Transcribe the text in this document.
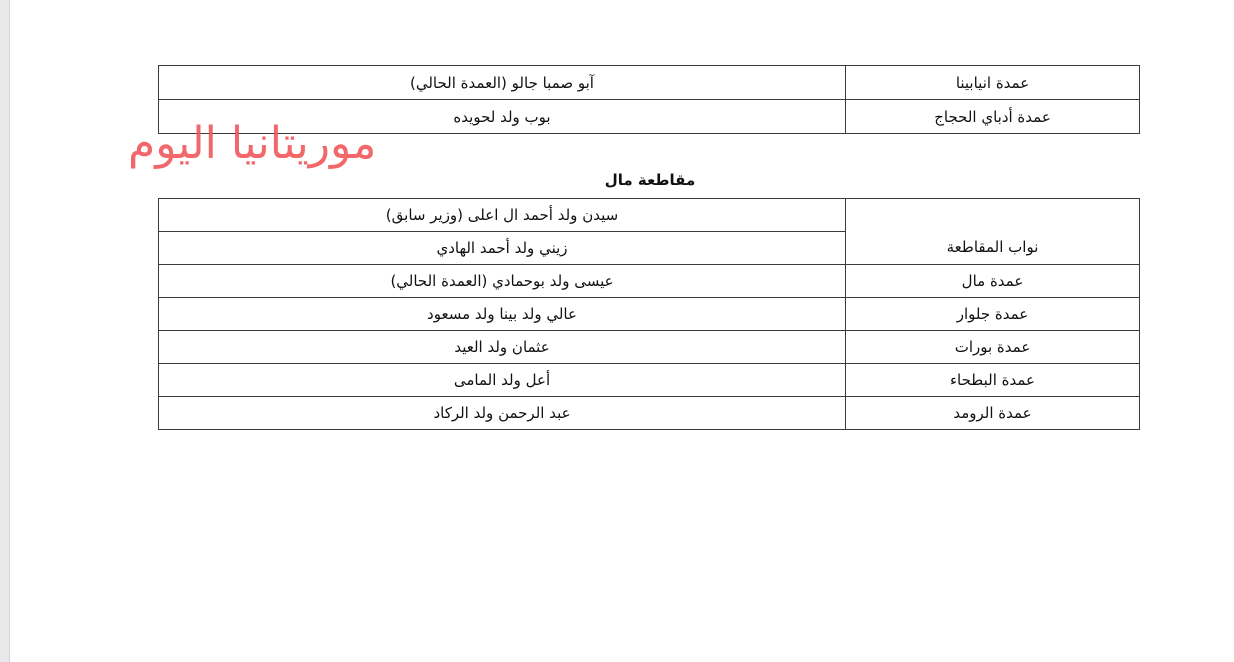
عمدة انيابينا	آبو صمبا جالو (العمدة الحالي)
عمدة أدباي الحجاج	بوب ولد لحويده
موريتانيا اليوم
مقاطعة مال
نواب المقاطعة	سيدن ولد أحمد ال اعلى (وزير سابق)
	زيني ولد أحمد الهادي
عمدة مال	عيسى ولد بوحمادي (العمدة الحالي)
عمدة جلوار	عالي ولد بينا ولد مسعود
عمدة بورات	عثمان ولد العيد
عمدة البطحاء	أعل ولد المامى
عمدة الرومد	عبد الرحمن ولد الركاد
